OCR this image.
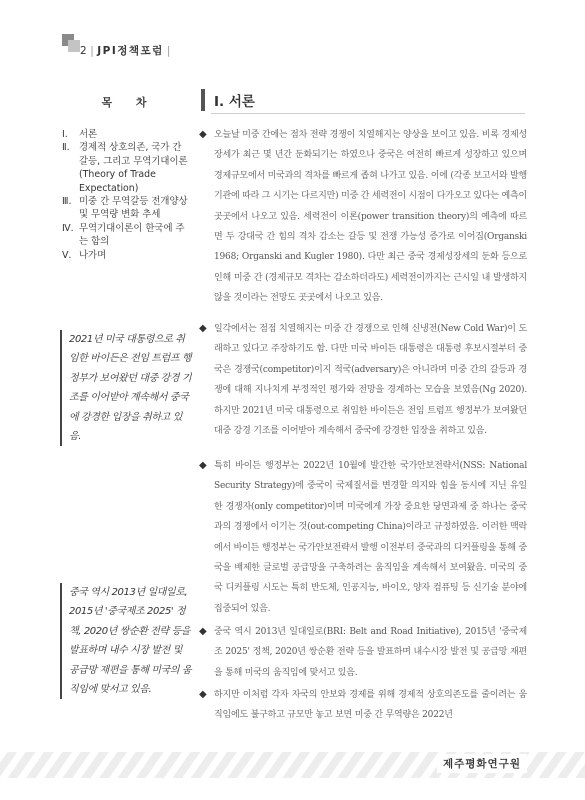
2 | JPI정책포럼 |
목 차
Ⅰ.	서론
Ⅱ. 경제적 상호의존, 국가 간 갈등, 그리고 무역기대이론 (Theory of Trade Expectation)
Ⅲ. 미중 간 무역갈등 전개양상 및 무역량 변화 추세
Ⅳ. 무역기대이론이 한국에 주는 함의
Ⅴ. 나가며
2021년 미국 대통령으로 취임한 바이든은 전임 트럼프 행정부가 보여왔던 대중 강경 기조를 이어받아 계속해서 중국에 강경한 입장을 취하고 있음.
중국 역시 2013년 일대일로, 2015년 '중국제조 2025' 정책, 2020년 쌍순환 전략 등을 발표하며 내수 시장 발전 및 공급망 재편을 통해 미국의 움직임에 맞서고 있음.
Ⅰ. 서론
◆ 오늘날 미중 간에는 점차 전략 경쟁이 치열해지는 양상을 보이고 있음. 비록 경제성장세가 최근 몇 년간 둔화되기는 하였으나 중국은 여전히 빠르게 성장하고 있으며 경제규모에서 미국과의 격차를 빠르게 좁혀 나가고 있음. 이에 (각종 보고서와 발행기관에 따라 그 시기는 다르지만) 미중 간 세력전이 시점이 다가오고 있다는 예측이 곳곳에서 나오고 있음. 세력전이 이론(power transition theory)의 예측에 따르면 두 강대국 간 힘의 격차 감소는 갈등 및 전쟁 가능성 증가로 이어짐(Organski 1968; Organski and Kugler 1980). 다만 최근 중국 경제성장세의 둔화 등으로 인해 미중 간 (경제규모 격차는 감소하더라도) 세력전이까지는 근시일 내 발생하지 않을 것이라는 전망도 곳곳에서 나오고 있음.
◆ 일각에서는 점점 치열해지는 미중 간 경쟁으로 인해 신냉전(New Cold War)이 도래하고 있다고 주장하기도 함. 다만 미국 바이든 대통령은 대통령 후보시절부터 중국은 경쟁국(competitor)이지 적국(adversary)은 아니라며 미중 간의 갈등과 경쟁에 대해 지나치게 부정적인 평가와 전망을 경계하는 모습을 보였음(Ng 2020). 하지만 2021년 미국 대통령으로 취임한 바이든은 전임 트럼프 행정부가 보여왔던 대중 강경 기조를 이어받아 계속해서 중국에 강경한 입장을 취하고 있음.
◆ 특히 바이든 행정부는 2022년 10월에 발간한 국가안보전략서(NSS: National Security Strategy)에 중국이 국제질서를 변경할 의지와 힘을 동시에 지닌 유일한 경쟁자(only competitor)이며 미국에게 가장 중요한 당면과제 중 하나는 중국과의 경쟁에서 이기는 것(out-competing China)이라고 규정하였음. 이러한 맥락에서 바이든 행정부는 국가안보전략서 발행 이전부터 중국과의 디커플링을 통해 중국을 배제한 글로벌 공급망을 구축하려는 움직임을 계속해서 보여왔음. 미국의 중국 디커플링 시도는 특히 반도체, 인공지능, 바이오, 양자 컴퓨팅 등 신기술 분야에 집중되어 있음.
◆ 중국 역시 2013년 일대일로(BRI: Belt and Road Initiative), 2015년 '중국제조 2025' 정책, 2020년 쌍순환 전략 등을 발표하며 내수시장 발전 및 공급망 재편을 통해 미국의 움직임에 맞서고 있음.
◆ 하지만 이처럼 각자 자국의 안보와 경제를 위해 경제적 상호의존도를 줄이려는 움직임에도 불구하고 규모만 놓고 보면 미중 간 무역량은 2022년
제주평화연구원
